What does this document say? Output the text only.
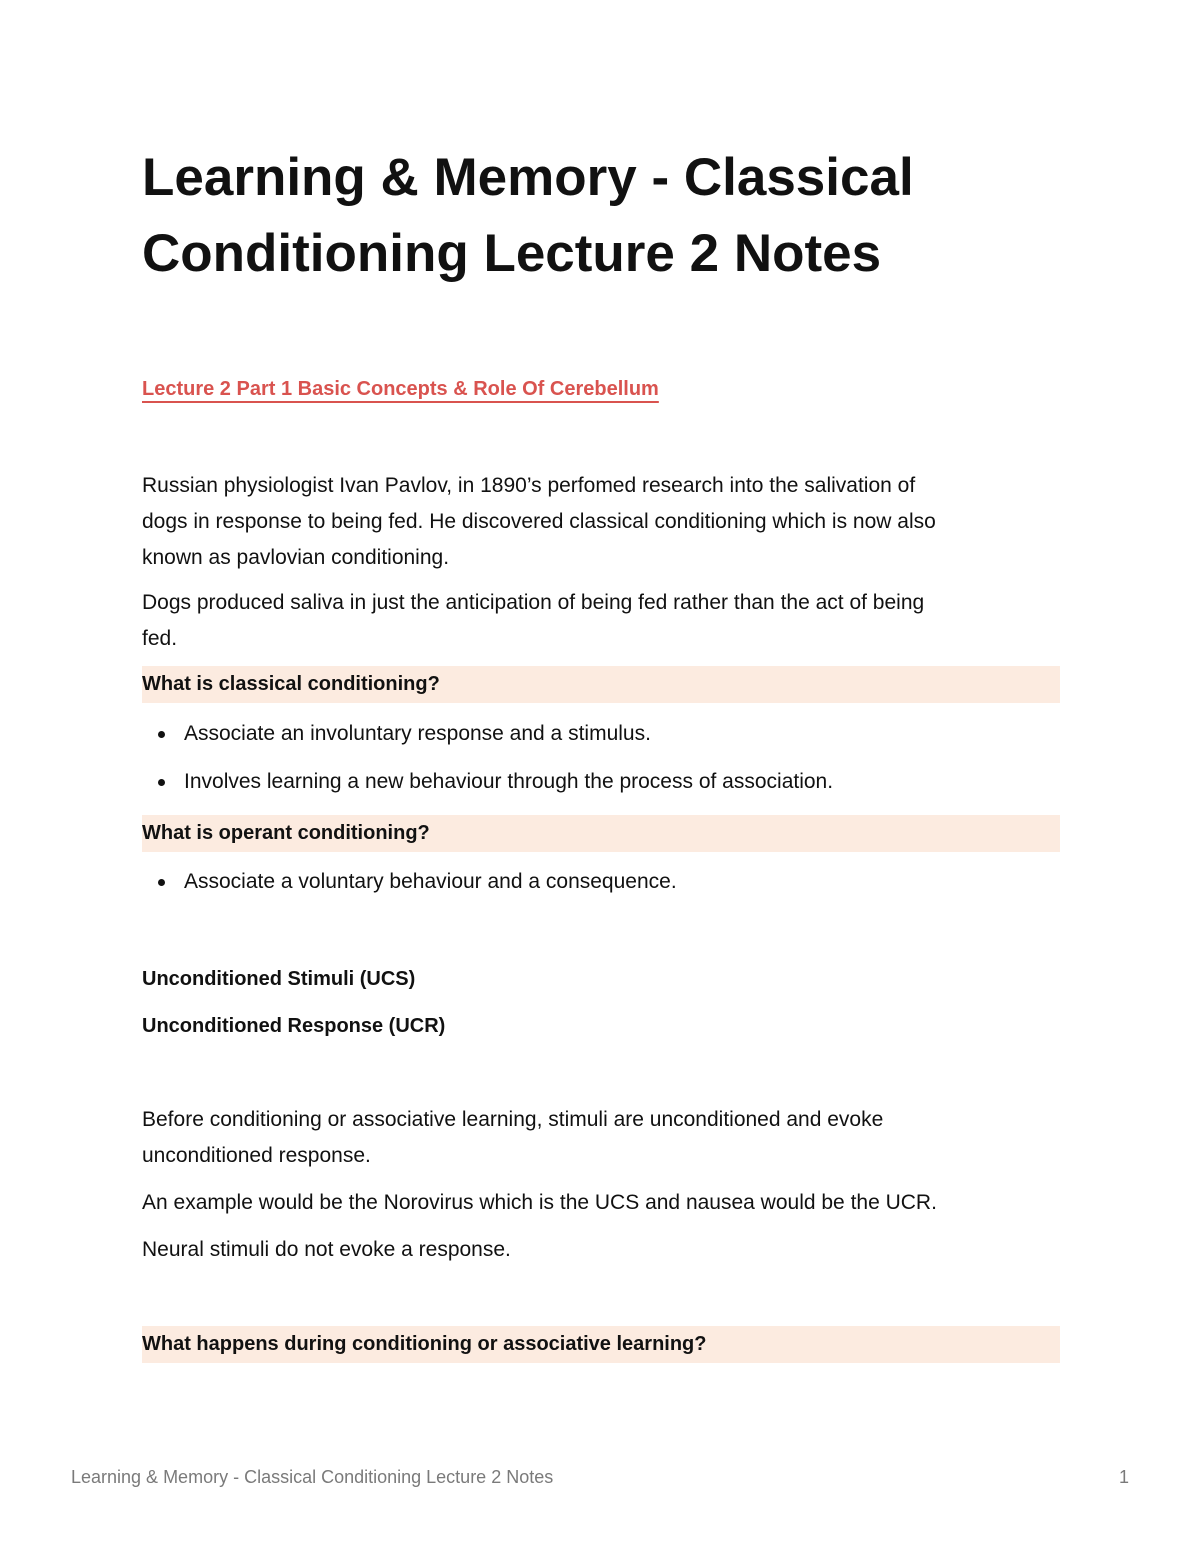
Learning & Memory - Classical
Conditioning Lecture 2 Notes
Lecture 2 Part 1 Basic Concepts & Role Of Cerebellum

Russian physiologist Ivan Pavlov, in 1890’s perfomed research into the salivation of
dogs in response to being fed. He discovered classical conditioning which is now also
known as pavlovian conditioning.

Dogs produced saliva in just the anticipation of being fed rather than the act of being
fed.

What is classical conditioning?
Associate an involuntary response and a stimulus.
Involves learning a new behaviour through the process of association.
What is operant conditioning?
Associate a voluntary behaviour and a consequence.

Unconditioned Stimuli (UCS)

Unconditioned Response (UCR)

Before conditioning or associative learning, stimuli are unconditioned and evoke
unconditioned response.

An example would be the Norovirus which is the UCS and nausea would be the UCR.

Neural stimuli do not evoke a response.

What happens during conditioning or associative learning?
Learning & Memory - Classical Conditioning Lecture 2 Notes	1
